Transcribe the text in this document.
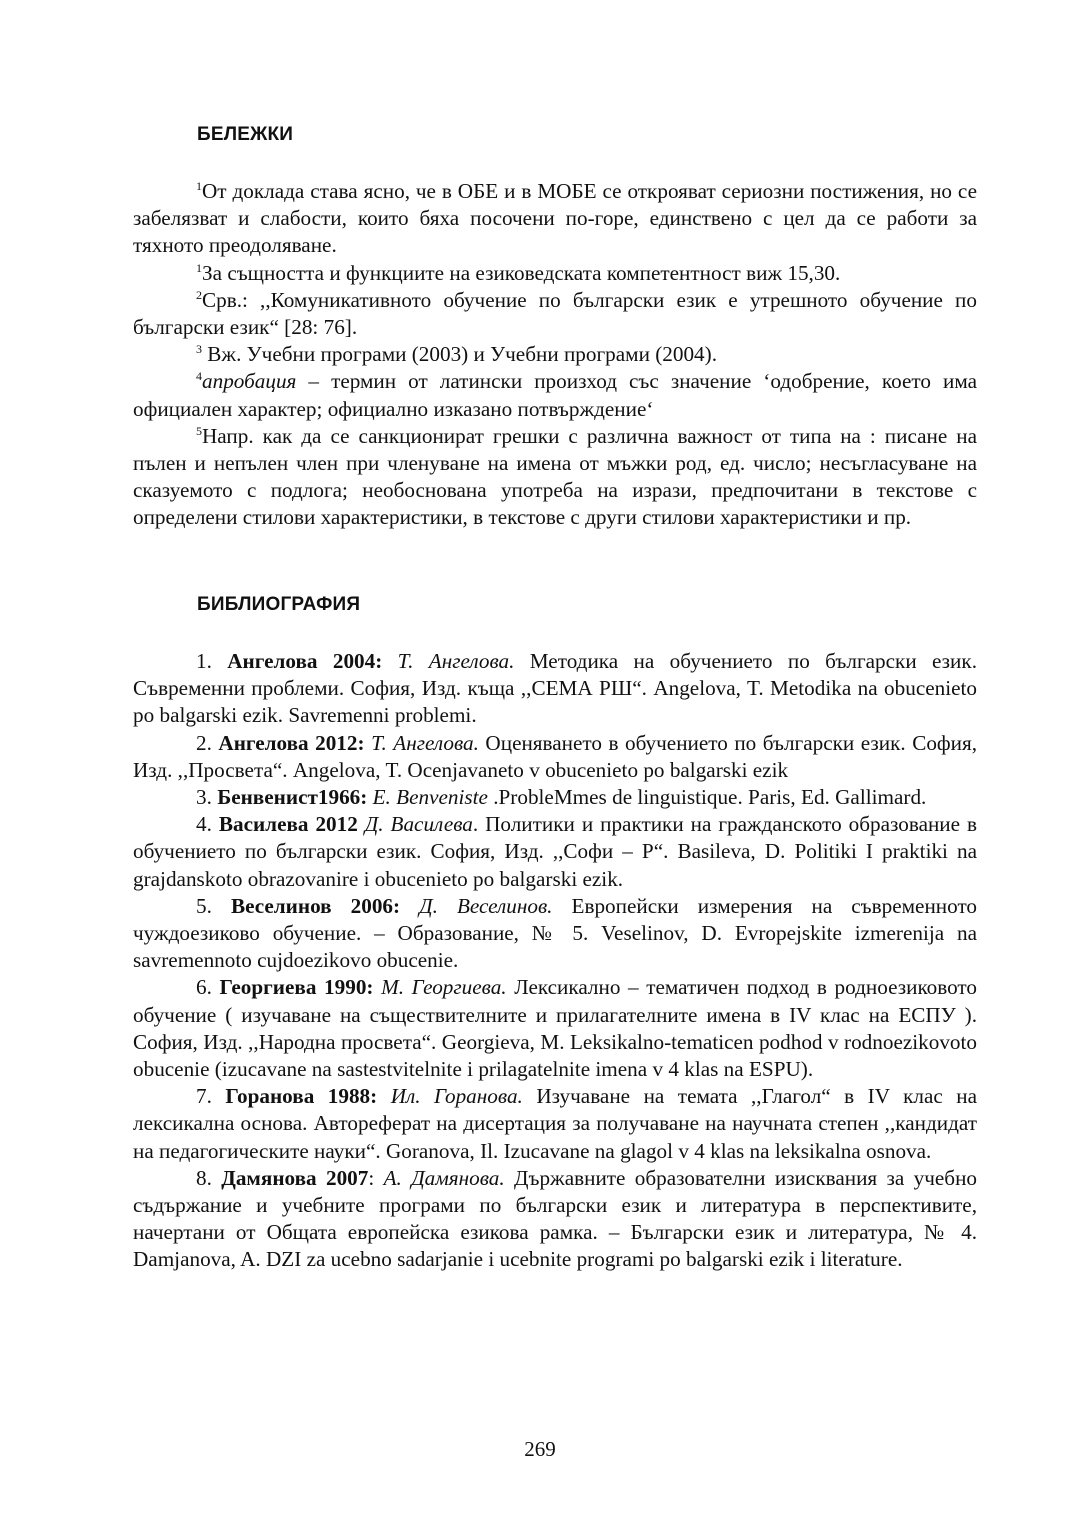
БЕЛЕЖКИ

$^1$От доклада става ясно, че в ОБЕ и в МОБЕ се открояват сериозни постижения, но се забелязват и слабости, които бяха посочени по-горе, единствено с цел да се работи за тяхното преодоляване.

$^1$За същността и функциите на езиковедската компетентност виж 15,30.

$^2$Срв.: ,,Комуникативното обучение по български език е утрешното обучение по български език“ [28: 76].

$^3$ Вж. Учебни програми (2003) и Учебни програми (2004).

$^4$апробация – термин от латински произход със значение ‘одобрение, което има официален характер; официално изказано потвърждение‘

$^5$Напр. как да се санкционират грешки с различна важност от типа на : писане на пълен и непълен член при членуване на имена от мъжки род, ед. число; несъгласуване на сказуемото с подлога; необоснована употреба на изрази, предпочитани в текстове с определени стилови характеристики, в текстове с други стилови характеристики и пр.

БИБЛИОГРАФИЯ

1. Ангелова 2004: Т. Ангелова. Методика на обучението по български език. Съвременни проблеми. София, Изд. къща ,,СЕМА РШ“. Angelova, T. Metodika na obucenieto po balgarski ezik. Savremenni problemi.

2. Ангелова 2012: Т. Ангелова. Оценяването в обучението по български език. София, Изд. ,,Просвета“. Angelova, T. Ocenjavaneto v obucenieto po balgarski ezik

3. Бенвенист1966: E. Benveniste .ProbleMmes de linguistique. Paris, Ed. Gallimard.

4. Василева 2012 Д. Василева. Политики и практики на гражданското образование в обучението по български език. София, Изд. ,,Софи – Р“. Basileva, D. Politiki I praktiki na grajdanskoto obrazovanire i obucenieto po balgarski ezik.

5. Веселинов 2006: Д. Веселинов. Европейски измерения на съвременното чуждоезиково обучение. – Образование, № 5. Veselinov, D. Evropejskite izmerenija na savremennoto cujdoezikovo obucenie.

6. Георгиева 1990: М. Георгиева. Лексикално – тематичен подход в родноезиковото обучение ( изучаване на съществителните и прилагателните имена в IV клас на ЕСПУ ). София, Изд. ,,Народна просвета“. Georgieva, M. Leksikalno-tematicen podhod v rodnoezikovoto obucenie (izucavane na sastestvitelnite i prilagatelnite imena v 4 klas na ESPU).

7. Горанова 1988: Ил. Горанова. Изучаване на темата ,,Глагол“ в IV клас на лексикална основа. Автореферат на дисертация за получаване на научната степен ,,кандидат на педагогическите науки“. Goranova, Il. Izucavane na glagol v 4 klas na leksikalna osnova.

8. Дамянова 2007: А. Дамянова. Държавните образователни изисквания за учебно съдържание и учебните програми по български език и литература в перспективите, начертани от Общата европейска езикова рамка. – Български език и литература, № 4. Damjanova, A. DZI za ucebno sadarjanie i ucebnite programi po balgarski ezik i literature.

269
